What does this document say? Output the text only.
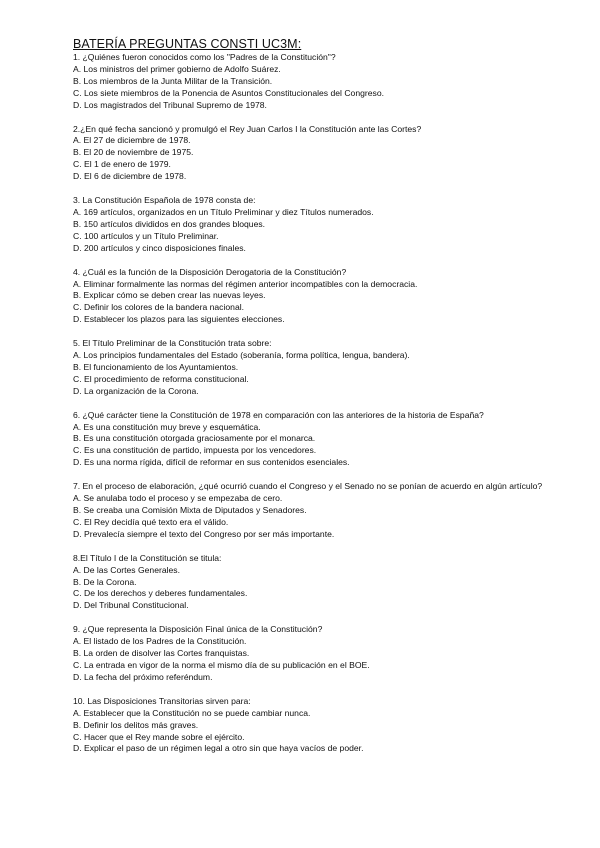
BATERÍA PREGUNTAS CONSTI UC3M:
1. ¿Quiénes fueron conocidos como los "Padres de la Constitución"?
A. Los ministros del primer gobierno de Adolfo Suárez.
B. Los miembros de la Junta Militar de la Transición.
C. Los siete miembros de la Ponencia de Asuntos Constitucionales del Congreso.
D. Los magistrados del Tribunal Supremo de 1978.
2.¿En qué fecha sancionó y promulgó el Rey Juan Carlos I la Constitución ante las Cortes?
A. El 27 de diciembre de 1978.
B. El 20 de noviembre de 1975.
C. El 1 de enero de 1979.
D. El 6 de diciembre de 1978.
3. La Constitución Española de 1978 consta de:
A. 169 artículos, organizados en un Título Preliminar y diez Títulos numerados.
B. 150 artículos divididos en dos grandes bloques.
C. 100 artículos y un Título Preliminar.
D. 200 artículos y cinco disposiciones finales.
4. ¿Cuál es la función de la Disposición Derogatoria de la Constitución?
A. Eliminar formalmente las normas del régimen anterior incompatibles con la democracia.
B. Explicar cómo se deben crear las nuevas leyes.
C. Definir los colores de la bandera nacional.
D. Establecer los plazos para las siguientes elecciones.
5. El Título Preliminar de la Constitución trata sobre:
A. Los principios fundamentales del Estado (soberanía, forma política, lengua, bandera).
B. El funcionamiento de los Ayuntamientos.
C. El procedimiento de reforma constitucional.
D. La organización de la Corona.
6. ¿Qué carácter tiene la Constitución de 1978 en comparación con las anteriores de la historia de España?
A. Es una constitución muy breve y esquemática.
B. Es una constitución otorgada graciosamente por el monarca.
C. Es una constitución de partido, impuesta por los vencedores.
D. Es una norma rígida, difícil de reformar en sus contenidos esenciales.
7. En el proceso de elaboración, ¿qué ocurrió cuando el Congreso y el Senado no se ponían de acuerdo en algún artículo?
A. Se anulaba todo el proceso y se empezaba de cero.
B. Se creaba una Comisión Mixta de Diputados y Senadores.
C. El Rey decidía qué texto era el válido.
D. Prevalecía siempre el texto del Congreso por ser más importante.
8.El Título I de la Constitución se titula:
A. De las Cortes Generales.
B. De la Corona.
C. De los derechos y deberes fundamentales.
D. Del Tribunal Constitucional.
9. ¿Que representa la Disposición Final única de la Constitución?
A. El listado de los Padres de la Constitución.
B. La orden de disolver las Cortes franquistas.
C. La entrada en vigor de la norma el mismo día de su publicación en el BOE.
D. La fecha del próximo referéndum.
10. Las Disposiciones Transitorias sirven para:
A. Establecer que la Constitución no se puede cambiar nunca.
B. Definir los delitos más graves.
C. Hacer que el Rey mande sobre el ejército.
D. Explicar el paso de un régimen legal a otro sin que haya vacíos de poder.
